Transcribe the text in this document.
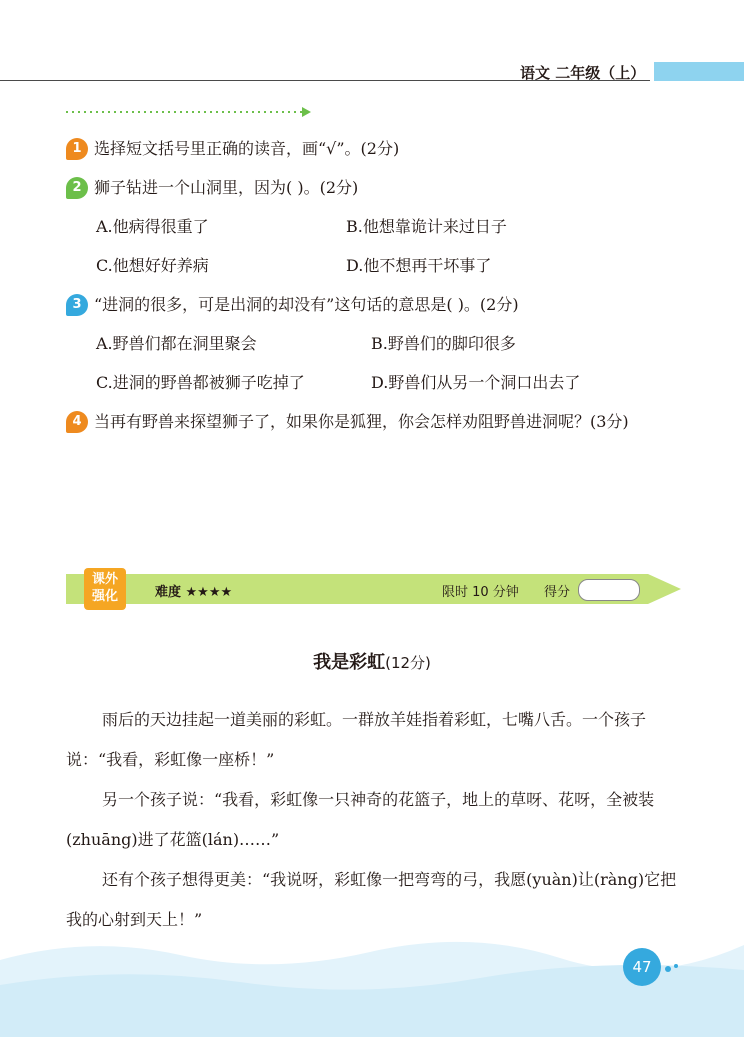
语文 二年级（上）
1 选择短文括号里正确的读音，画“√”。(2分)
2 狮子钻进一个山洞里，因为( )。(2分)
A.他病得很重了	B.他想靠诡计来过日子
C.他想好好养病	D.他不想再干坏事了
3 “进洞的很多，可是出洞的却没有”这句话的意思是( )。(2分)
A.野兽们都在洞里聚会	B.野兽们的脚印很多
C.进洞的野兽都被狮子吃掉了	D.野兽们从另一个洞口出去了
4 当再有野兽来探望狮子了，如果你是狐狸，你会怎样劝阻野兽进洞呢？(3分)
课外
强化	难度 ★★★★	限时 10 分钟 得分
我是彩虹(12分)
雨后的天边挂起一道美丽的彩虹。一群放羊娃指着彩虹，七嘴八舌。一个孩子说：“我看，彩虹像一座桥！”
另一个孩子说：“我看，彩虹像一只神奇的花篮子，地上的草呀、花呀，全被装(zhuāng)进了花篮(lán)……”
还有个孩子想得更美：“我说呀，彩虹像一把弯弯的弓，我愿(yuàn)让(ràng)它把我的心射到天上！”
47
